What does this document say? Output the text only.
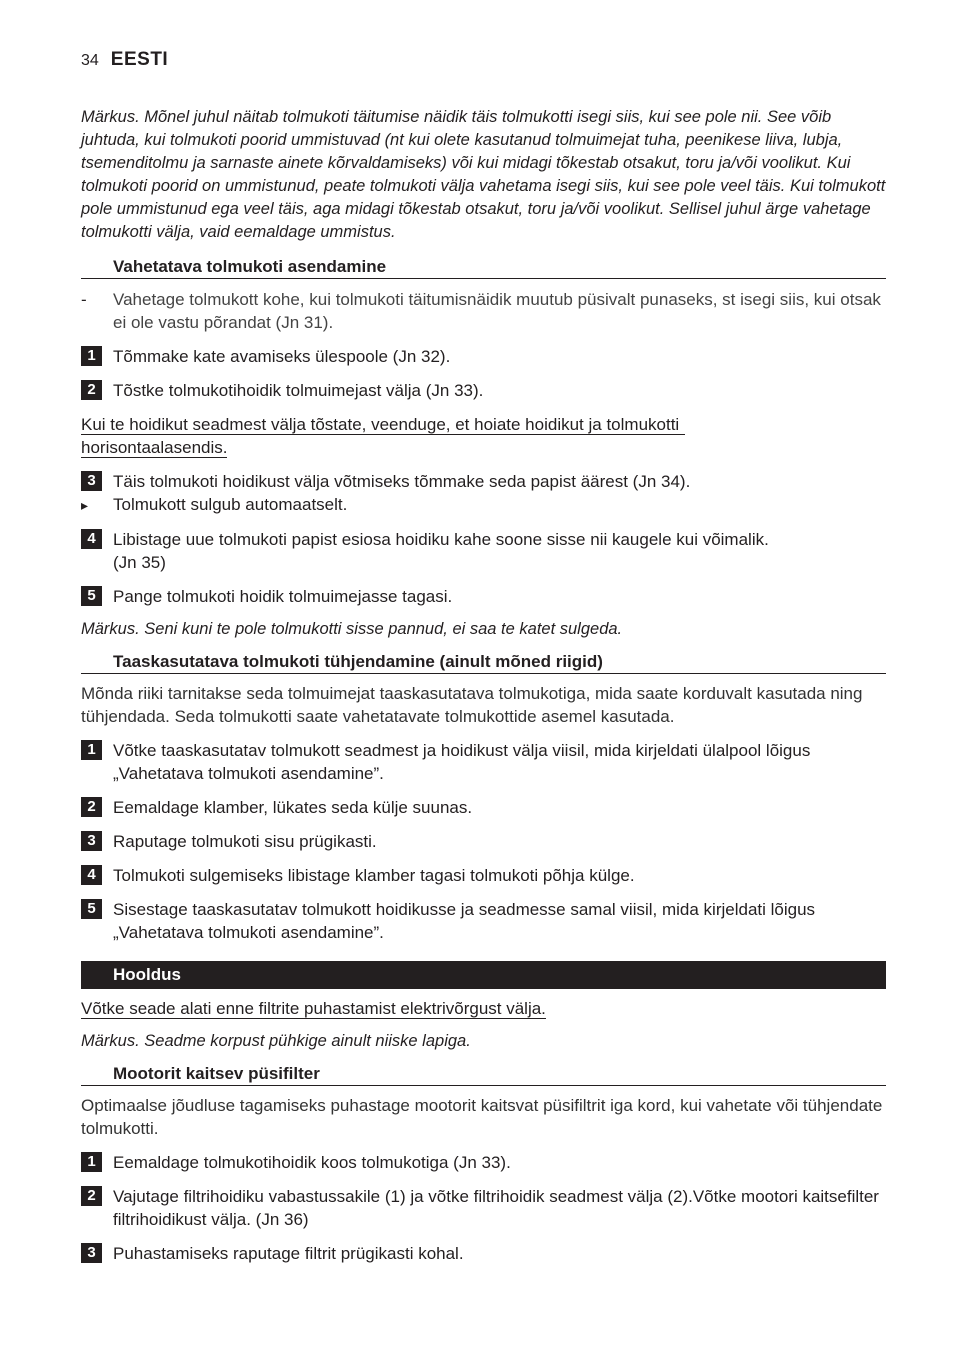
34 EESTI
Märkus. Mõnel juhul näitab tolmukoti täitumise näidik täis tolmukotti isegi siis, kui see pole nii. See võib juhtuda, kui tolmukoti poorid ummistuvad (nt kui olete kasutanud tolmuimejat tuha, peenikese liiva, lubja, tsemenditolmu ja sarnaste ainete kõrvaldamiseks) või kui midagi tõkestab otsakut, toru ja/või voolikut. Kui tolmukoti poorid on ummistunud, peate tolmukoti välja vahetama isegi siis, kui see pole veel täis. Kui tolmukott pole ummistunud ega veel täis, aga midagi tõkestab otsakut, toru ja/või voolikut. Sellisel juhul ärge vahetage tolmukotti välja, vaid eemaldage ummistus.
Vahetatava tolmukoti asendamine
-	Vahetage tolmukott kohe, kui tolmukoti täitumisnäidik muutub püsivalt punaseks, st isegi siis, kui otsak ei ole vastu põrandat (Jn 31).
1	Tõmmake kate avamiseks ülespoole (Jn 32).
2	Tõstke tolmukotihoidik tolmuimejast välja (Jn 33).
Kui te hoidikut seadmest välja tõstate, veenduge, et hoiate hoidikut ja tolmukotti
horisontaalasendis.
3	Täis tolmukoti hoidikust välja võtmiseks tõmmake seda papist äärest (Jn 34).
▸	Tolmukott sulgub automaatselt.
4	Libistage uue tolmukoti papist esiosa hoidiku kahe soone sisse nii kaugele kui võimalik. (Jn 35)
5	Pange tolmukoti hoidik tolmuimejasse tagasi.
Märkus. Seni kuni te pole tolmukotti sisse pannud, ei saa te katet sulgeda.
Taaskasutatava tolmukoti tühjendamine (ainult mõned riigid)
Mõnda riiki tarnitakse seda tolmuimejat taaskasutatava tolmukotiga, mida saate korduvalt kasutada ning tühjendada. Seda tolmukotti saate vahetatavate tolmukottide asemel kasutada.
1	Võtke taaskasutatav tolmukott seadmest ja hoidikust välja viisil, mida kirjeldati ülalpool lõigus „Vahetatava tolmukoti asendamine”.
2	Eemaldage klamber, lükates seda külje suunas.
3	Raputage tolmukoti sisu prügikasti.
4	Tolmukoti sulgemiseks libistage klamber tagasi tolmukoti põhja külge.
5	Sisestage taaskasutatav tolmukott hoidikusse ja seadmesse samal viisil, mida kirjeldati lõigus „Vahetatava tolmukoti asendamine”.
Hooldus
Võtke seade alati enne filtrite puhastamist elektrivõrgust välja.
Märkus. Seadme korpust pühkige ainult niiske lapiga.
Mootorit kaitsev püsifilter
Optimaalse jõudluse tagamiseks puhastage mootorit kaitsvat püsifiltrit iga kord, kui vahetate või tühjendate tolmukotti.
1	Eemaldage tolmukotihoidik koos tolmukotiga (Jn 33).
2	Vajutage filtrihoidiku vabastussakile (1) ja võtke filtrihoidik seadmest välja (2).Võtke mootori kaitsefilter filtrihoidikust välja. (Jn 36)
3	Puhastamiseks raputage filtrit prügikasti kohal.
